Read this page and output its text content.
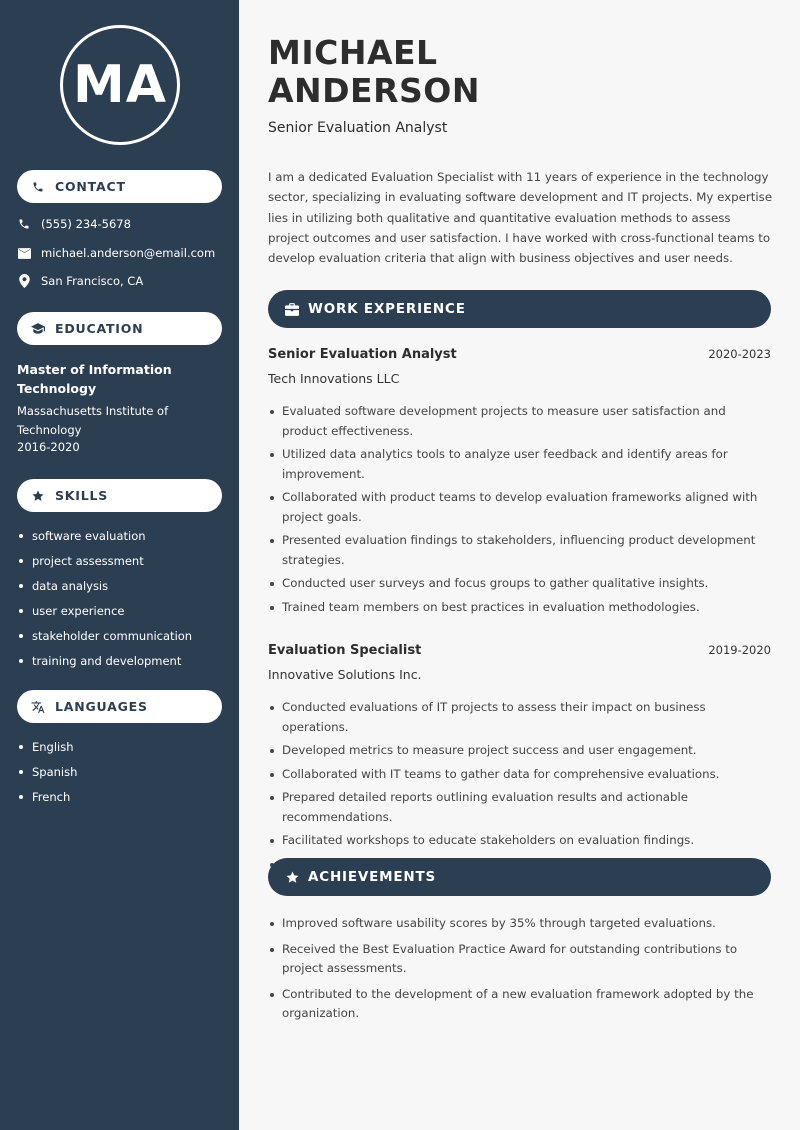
MA
CONTACT
(555) 234-5678
michael.anderson@email.com
San Francisco, CA
EDUCATION
Master of Information Technology
Massachusetts Institute of Technology
2016-2020
SKILLS
software evaluation
project assessment
data analysis
user experience
stakeholder communication
training and development
LANGUAGES
English
Spanish
French
MICHAEL
ANDERSON
Senior Evaluation Analyst
I am a dedicated Evaluation Specialist with 11 years of experience in the technology sector, specializing in evaluating software development and IT projects. My expertise lies in utilizing both qualitative and quantitative evaluation methods to assess project outcomes and user satisfaction. I have worked with cross-functional teams to develop evaluation criteria that align with business objectives and user needs.
WORK EXPERIENCE
Senior Evaluation Analyst	2020-2023
Tech Innovations LLC
Evaluated software development projects to measure user satisfaction and product effectiveness.
Utilized data analytics tools to analyze user feedback and identify areas for improvement.
Collaborated with product teams to develop evaluation frameworks aligned with project goals.
Presented evaluation findings to stakeholders, influencing product development strategies.
Conducted user surveys and focus groups to gather qualitative insights.
Trained team members on best practices in evaluation methodologies.
Evaluation Specialist	2019-2020
Innovative Solutions Inc.
Conducted evaluations of IT projects to assess their impact on business operations.
Developed metrics to measure project success and user engagement.
Collaborated with IT teams to gather data for comprehensive evaluations.
Prepared detailed reports outlining evaluation results and actionable recommendations.
Facilitated workshops to educate stakeholders on evaluation findings.
ACHIEVEMENTS
Improved software usability scores by 35% through targeted evaluations.
Received the Best Evaluation Practice Award for outstanding contributions to project assessments.
Contributed to the development of a new evaluation framework adopted by the organization.
